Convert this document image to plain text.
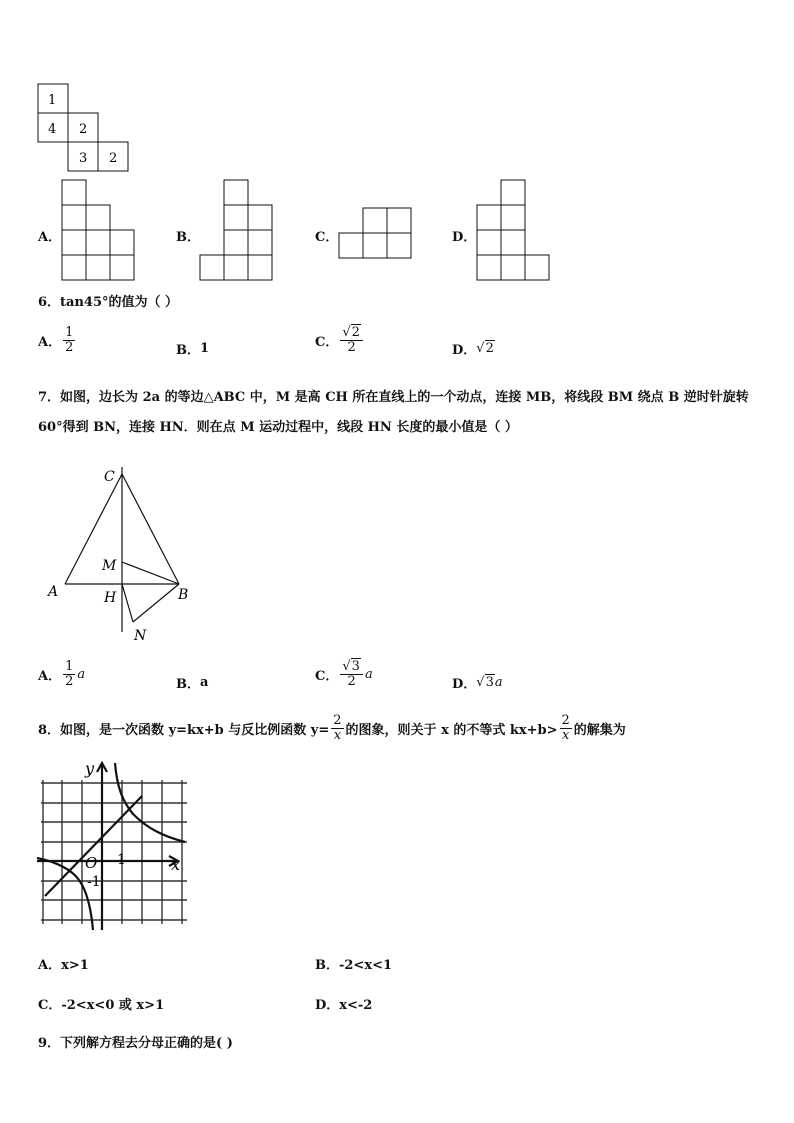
1
4 2
3 2
A．	B．	C．	D．
6．tan45°的值为（ ）
A． $\frac{1}{2}$	B． 1	C． $\frac{√2}{2}$	D． √2
7．如图，边长为 2a 的等边△ABC 中，M 是高 CH 所在直线上的一个动点，连接 MB，将线段 BM 绕点 B 逆时针旋转
60°得到 BN，连接 HN．则在点 M 运动过程中，线段 HN 长度的最小值是（ ）
C
M
A	H	B
N
A． $\frac{1}{2}$ a
B． a	C． $\frac{√3}{2}$ a
D． √3 a
8．如图，是一次函数 y=kx+b 与反比例函数 $y= \frac{2}{x}$ 的图象，则关于 x 的不等式 $kx+b> \frac{2}{x}$ 的解集为
y
x
O 1
-1
A．x>1	B．-2<x<1
C．-2<x<0 或 x>1	D．x<-2
9．下列解方程去分母正确的是( )
